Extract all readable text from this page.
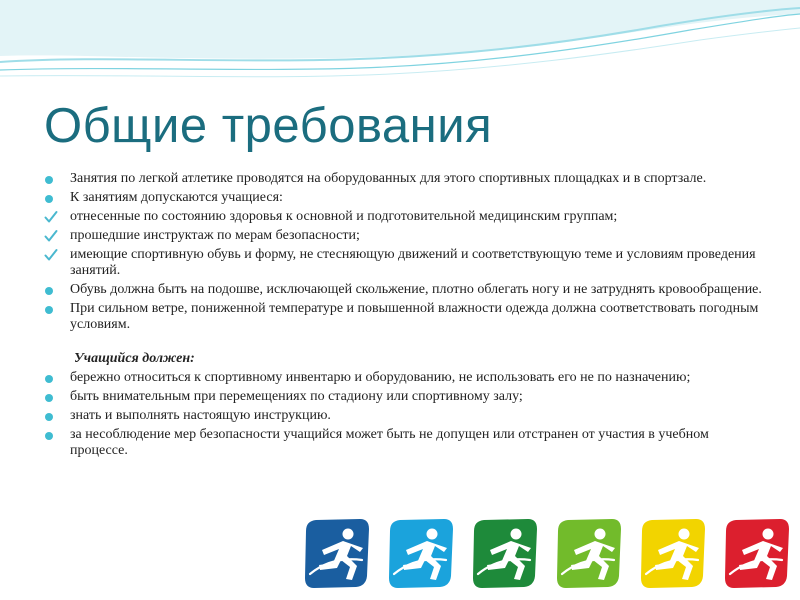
Общие требования
Занятия по легкой атлетике проводятся на оборудованных для этого спортивных площадках и в спортзале.
К занятиям допускаются учащиеся:
отнесенные по состоянию здоровья к основной и подготовительной медицинским группам;
прошедшие инструктаж по мерам безопасности;
имеющие спортивную обувь и форму, не стесняющую движений и соответствующую теме и условиям проведения занятий.
Обувь должна быть на подошве, исключающей скольжение, плотно облегать ногу и не затруднять кровообращение.
При сильном ветре, пониженной температуре и повышенной влажности одежда должна соответствовать погодным условиям.
Учащийся должен:
бережно относиться к спортивному инвентарю и оборудованию, не использовать его не по назначению;
быть внимательным при перемещениях по стадиону или спортивному залу;
знать и выполнять настоящую инструкцию.
за несоблюдение мер безопасности учащийся может быть не допущен или отстранен от участия в учебном процессе.
